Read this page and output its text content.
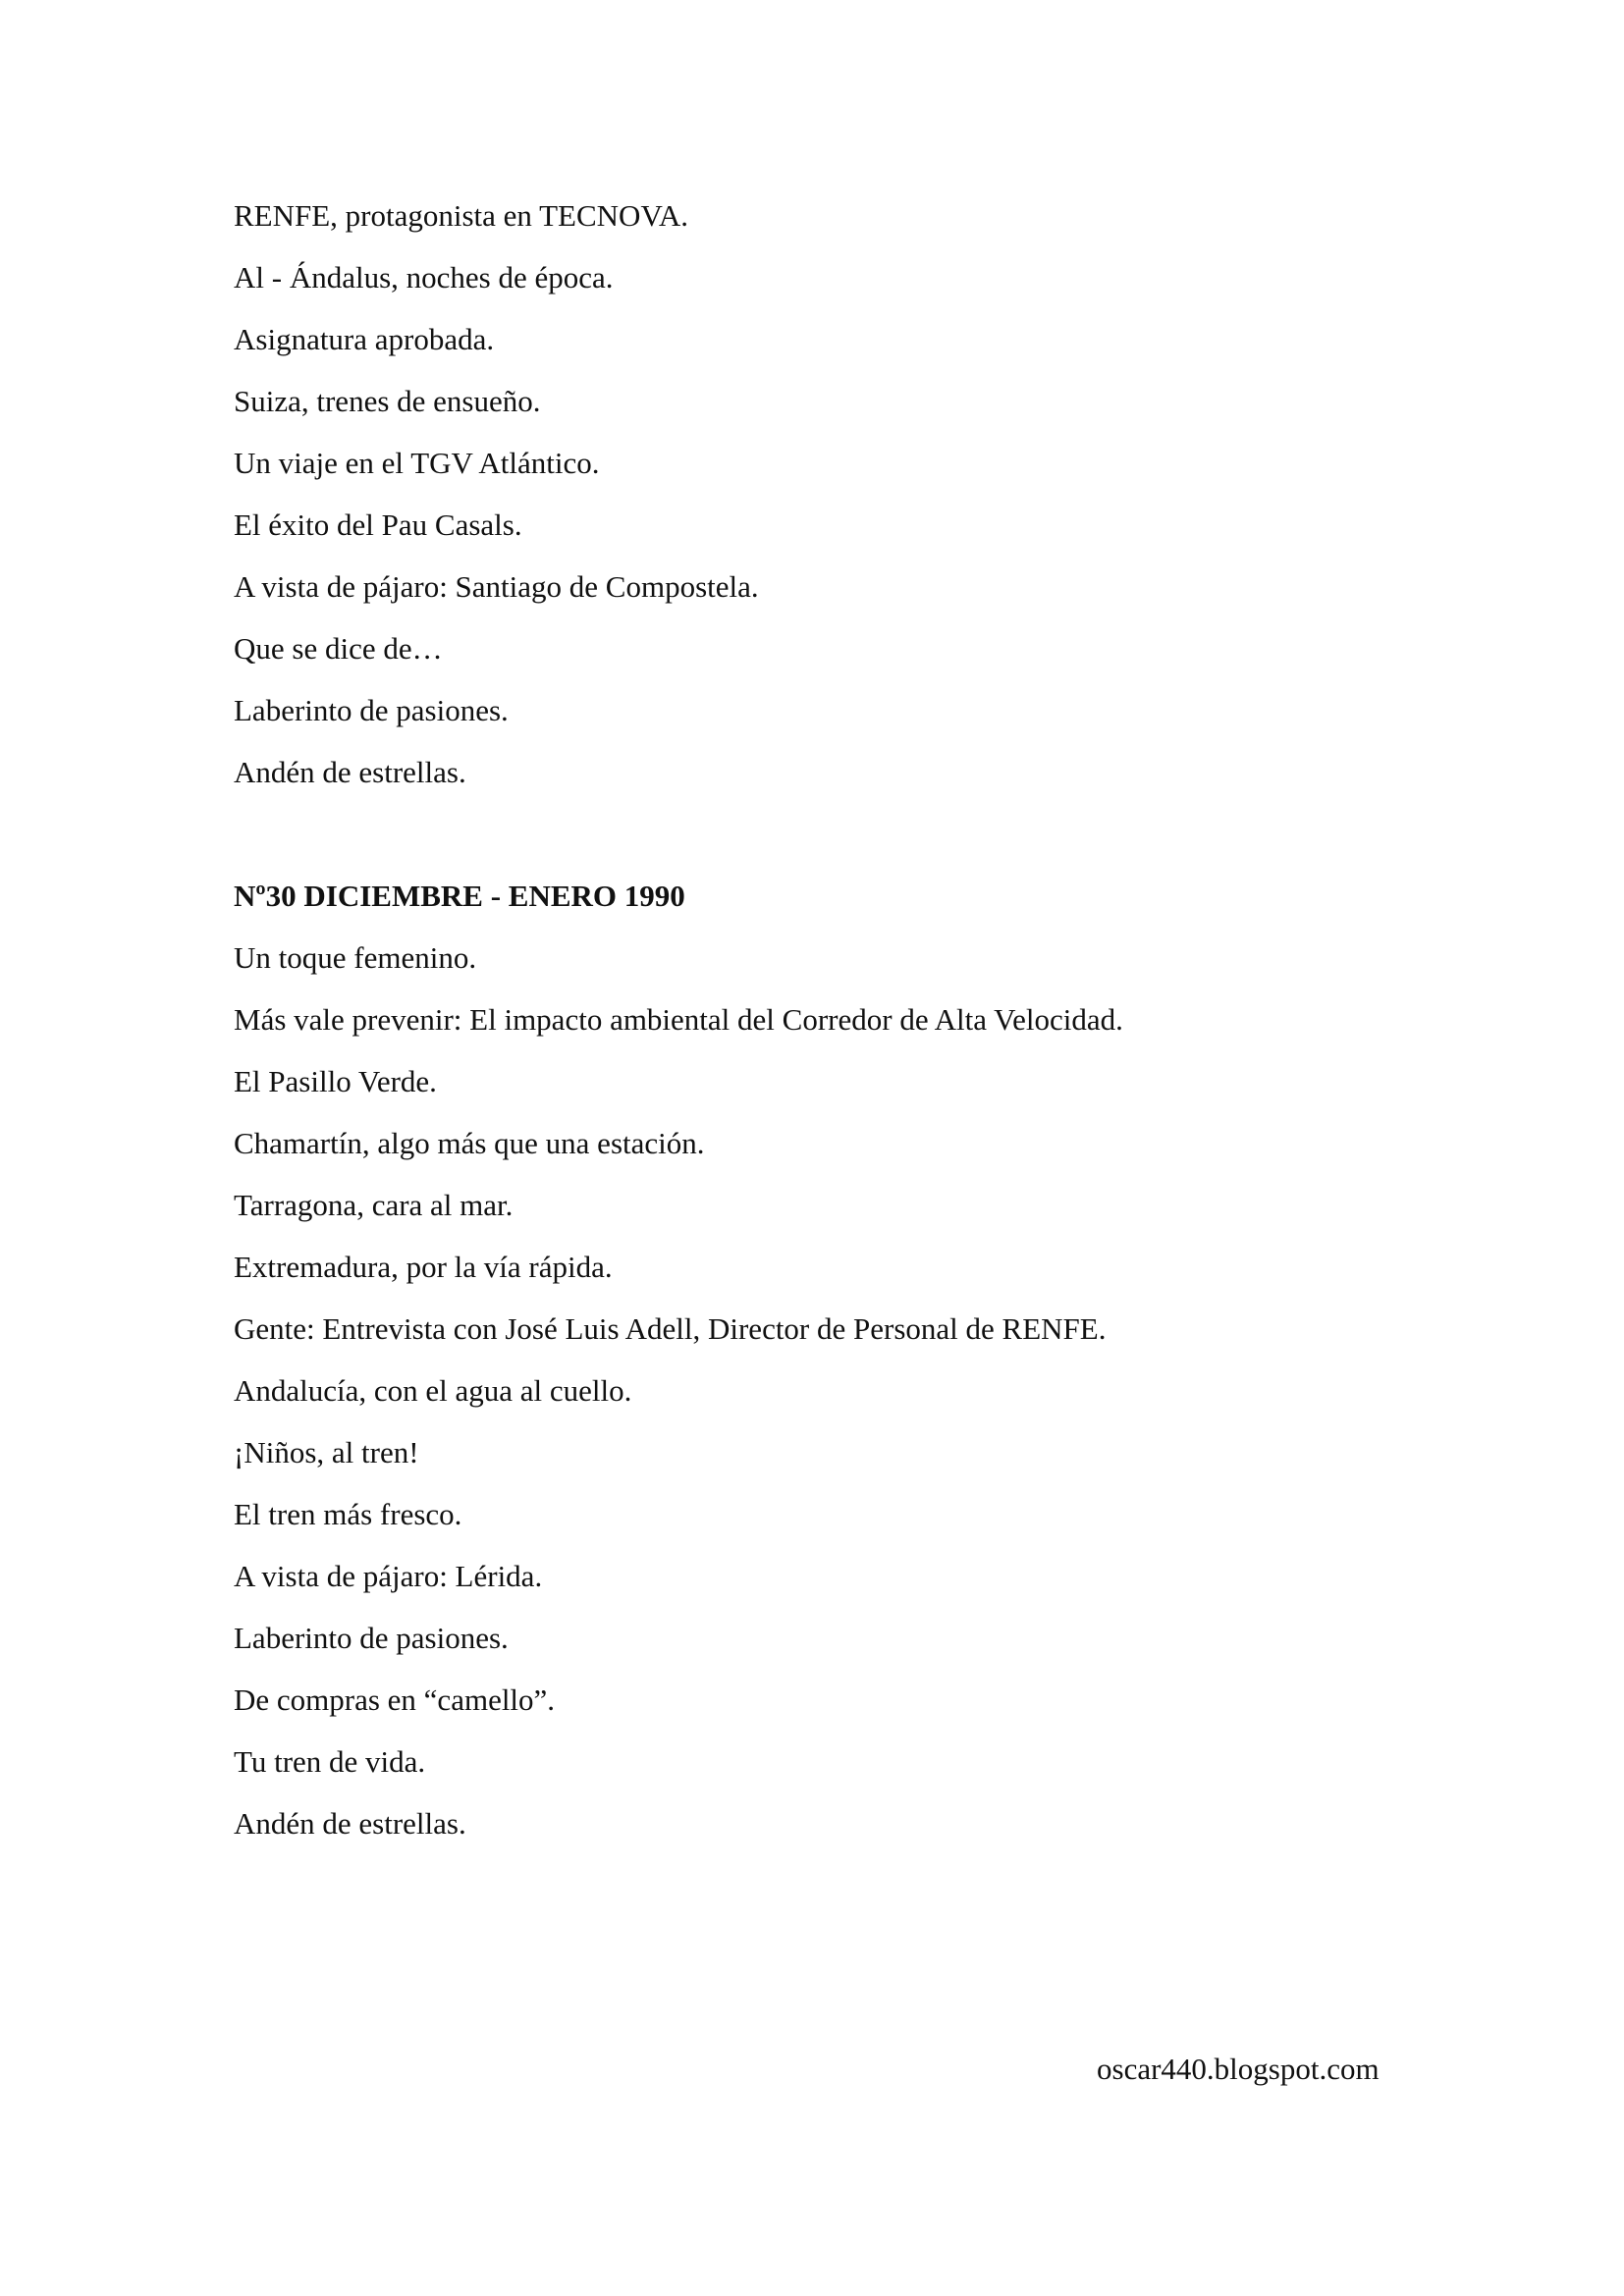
RENFE, protagonista en TECNOVA.
Al - Ándalus, noches de época.
Asignatura aprobada.
Suiza, trenes de ensueño.
Un viaje en el TGV Atlántico.
El éxito del Pau Casals.
A vista de pájaro: Santiago de Compostela.
Que se dice de…
Laberinto de pasiones.
Andén de estrellas.
Nº30 DICIEMBRE - ENERO 1990
Un toque femenino.
Más vale prevenir: El impacto ambiental del Corredor de Alta Velocidad.
El Pasillo Verde.
Chamartín, algo más que una estación.
Tarragona, cara al mar.
Extremadura, por la vía rápida.
Gente: Entrevista con José Luis Adell, Director de Personal de RENFE.
Andalucía, con el agua al cuello.
¡Niños, al tren!
El tren más fresco.
A vista de pájaro: Lérida.
Laberinto de pasiones.
De compras en “camello”.
Tu tren de vida.
Andén de estrellas.
oscar440.blogspot.com
